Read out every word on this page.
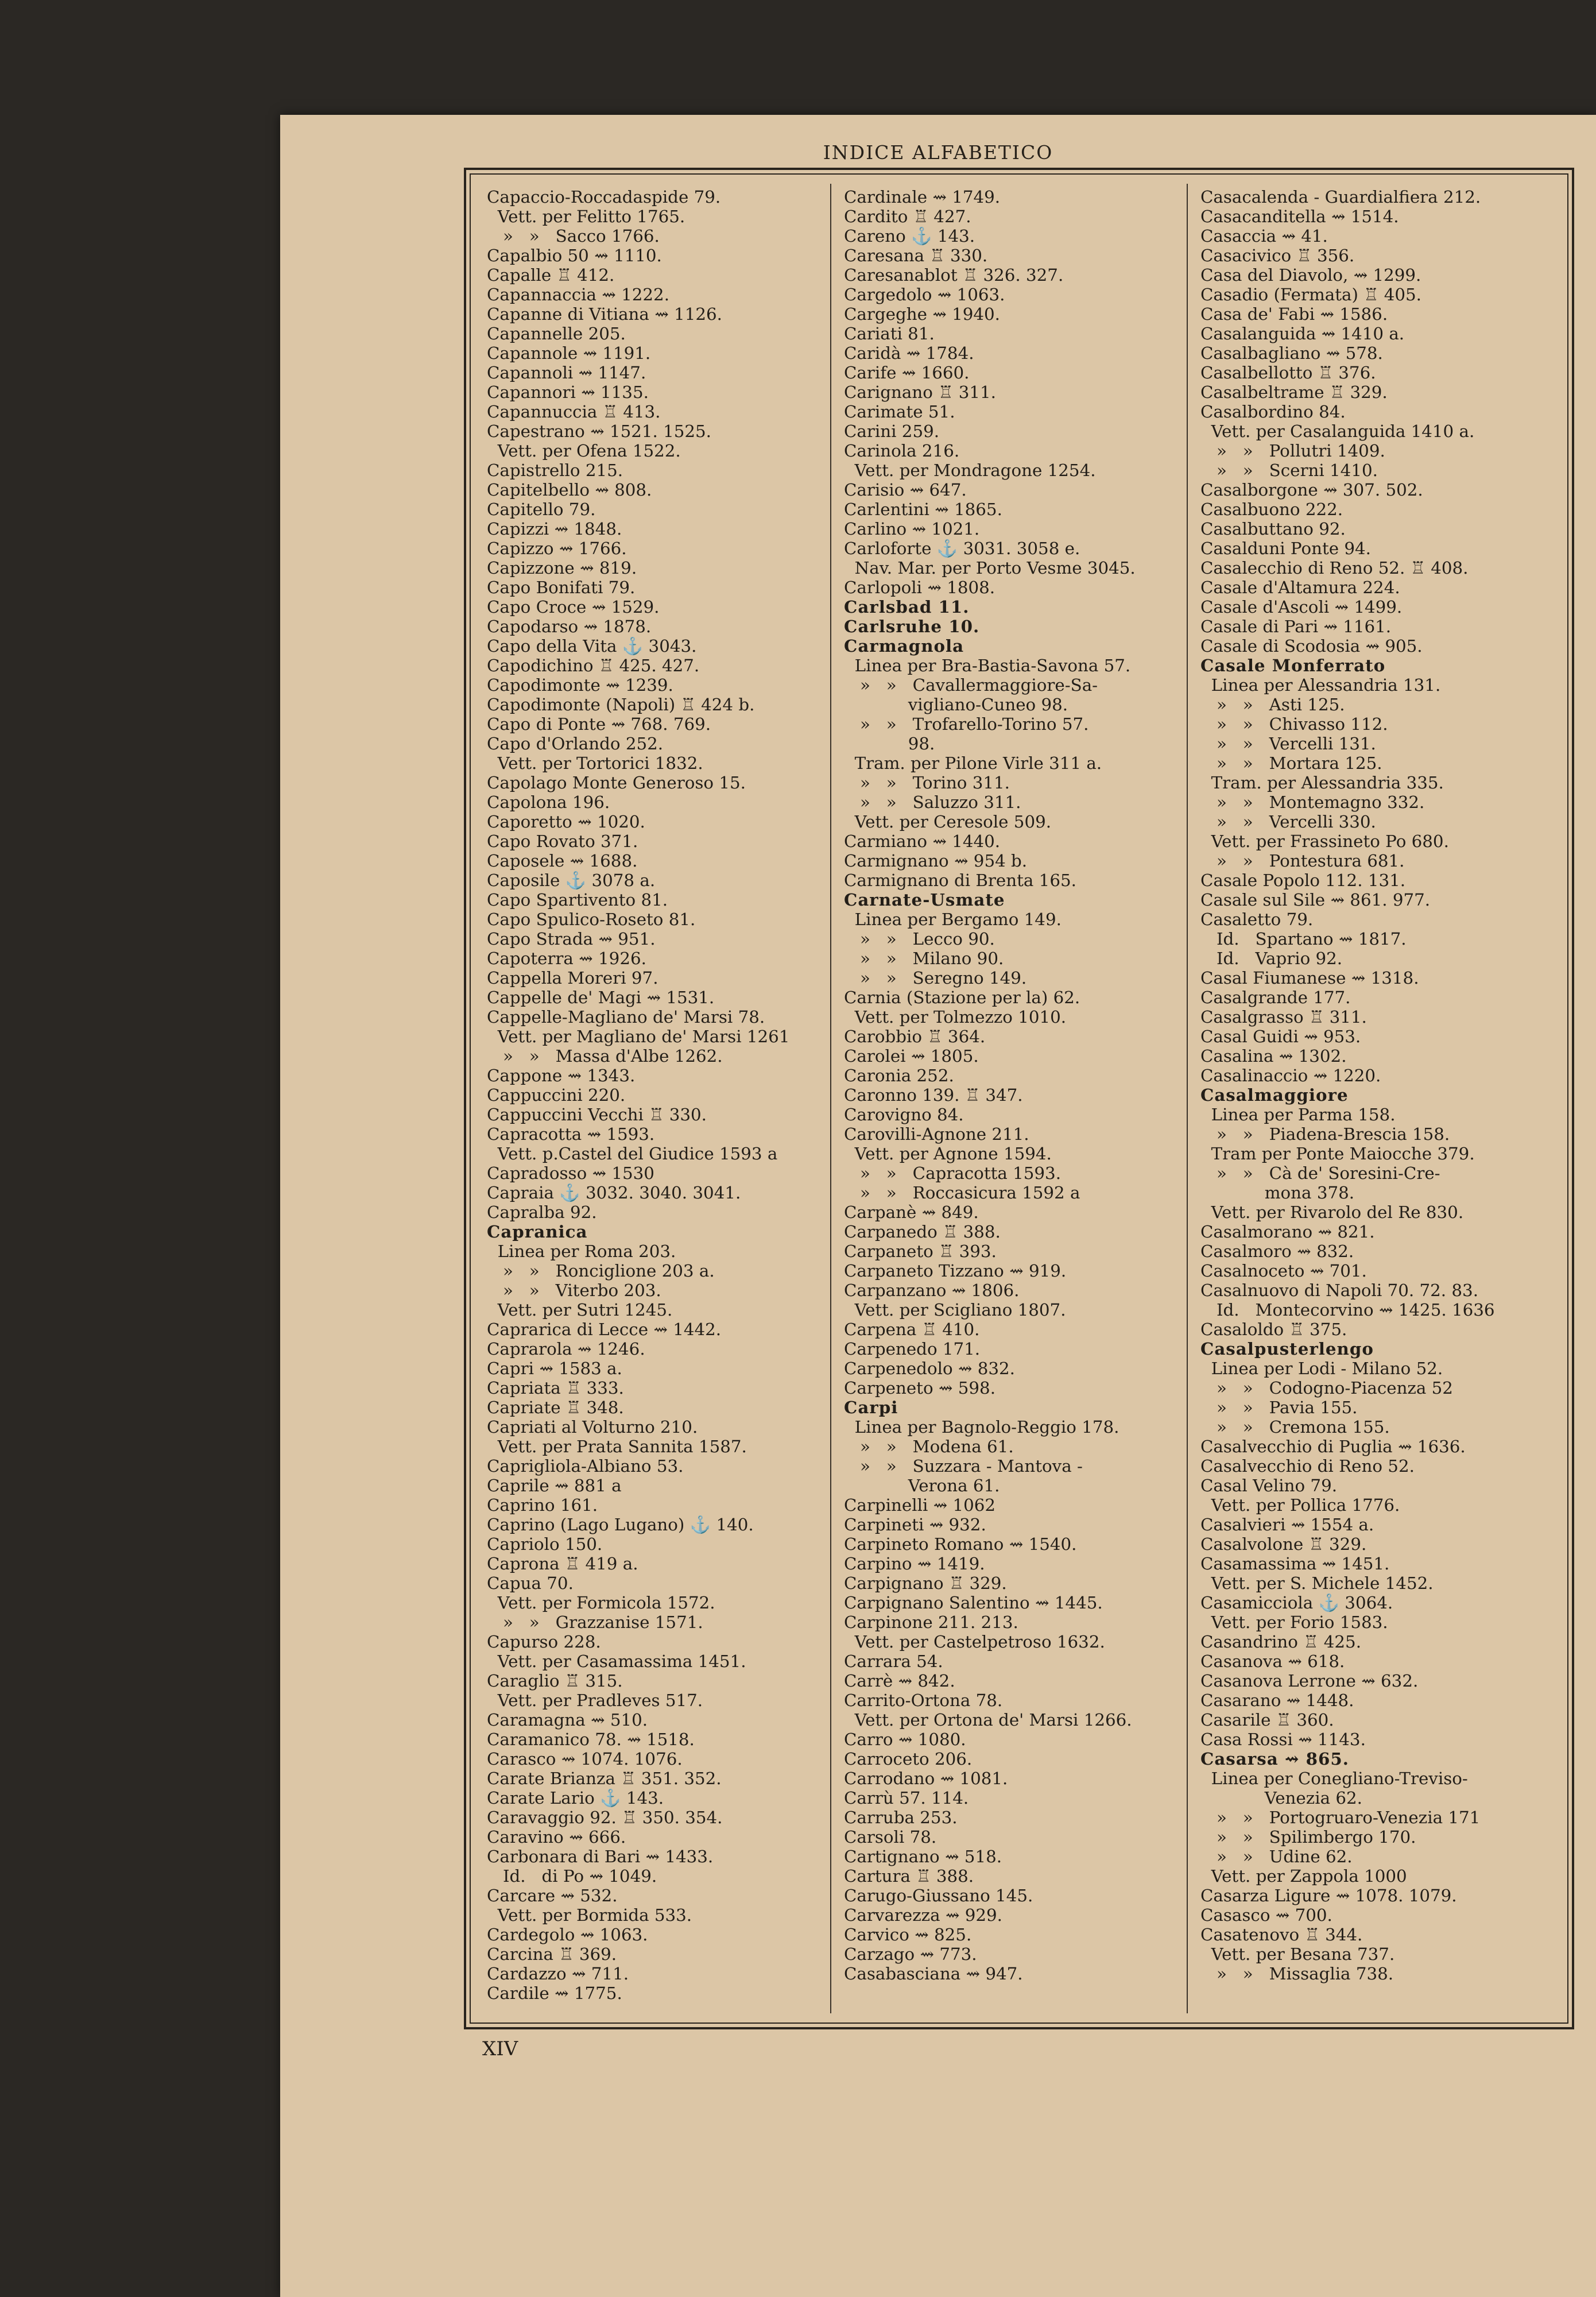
INDICE ALFABETICO
Capaccio-Roccadaspide 79.
Vett. per Felitto 1765.
»   »   Sacco 1766.
Capalbio 50 ⇝ 1110.
Capalle ♖ 412.
Capannaccia ⇝ 1222.
Capanne di Vitiana ⇝ 1126.
Capannelle 205.
Capannole ⇝ 1191.
Capannoli ⇝ 1147.
Capannori ⇝ 1135.
Capannuccia ♖ 413.
Capestrano ⇝ 1521. 1525.
Vett. per Ofena 1522.
Capistrello 215.
Capitelbello ⇝ 808.
Capitello 79.
Capizzi ⇝ 1848.
Capizzo ⇝ 1766.
Capizzone ⇝ 819.
Capo Bonifati 79.
Capo Croce ⇝ 1529.
Capodarso ⇝ 1878.
Capo della Vita ⚓ 3043.
Capodichino ♖ 425. 427.
Capodimonte ⇝ 1239.
Capodimonte (Napoli) ♖ 424 b.
Capo di Ponte ⇝ 768. 769.
Capo d'Orlando 252.
Vett. per Tortorici 1832.
Capolago Monte Generoso 15.
Capolona 196.
Caporetto ⇝ 1020.
Capo Rovato 371.
Caposele ⇝ 1688.
Caposile ⚓ 3078 a.
Capo Spartivento 81.
Capo Spulico-Roseto 81.
Capo Strada ⇝ 951.
Capoterra ⇝ 1926.
Cappella Moreri 97.
Cappelle de' Magi ⇝ 1531.
Cappelle-Magliano de' Marsi 78.
Vett. per Magliano de' Marsi 1261
»   »   Massa d'Albe 1262.
Cappone ⇝ 1343.
Cappuccini 220.
Cappuccini Vecchi ♖ 330.
Capracotta ⇝ 1593.
Vett. p.Castel del Giudice 1593 a
Capradosso ⇝ 1530
Capraia ⚓ 3032. 3040. 3041.
Capralba 92.
Capranica
Linea per Roma 203.
»   »   Ronciglione 203 a.
»   »   Viterbo 203.
Vett. per Sutri 1245.
Caprarica di Lecce ⇝ 1442.
Caprarola ⇝ 1246.
Capri ⇝ 1583 a.
Capriata ♖ 333.
Capriate ♖ 348.
Capriati al Volturno 210.
Vett. per Prata Sannita 1587.
Caprigliola-Albiano 53.
Caprile ⇝ 881 a
Caprino 161.
Caprino (Lago Lugano) ⚓ 140.
Capriolo 150.
Caprona ♖ 419 a.
Capua 70.
Vett. per Formicola 1572.
»   »   Grazzanise 1571.
Capurso 228.
Vett. per Casamassima 1451.
Caraglio ♖ 315.
Vett. per Pradleves 517.
Caramagna ⇝ 510.
Caramanico 78. ⇝ 1518.
Carasco ⇝ 1074. 1076.
Carate Brianza ♖ 351. 352.
Carate Lario ⚓ 143.
Caravaggio 92. ♖ 350. 354.
Caravino ⇝ 666.
Carbonara di Bari ⇝ 1433.
Id.   di Po ⇝ 1049.
Carcare ⇝ 532.
Vett. per Bormida 533.
Cardegolo ⇝ 1063.
Carcina ♖ 369.
Cardazzo ⇝ 711.
Cardile ⇝ 1775.
Cardinale ⇝ 1749.
Cardito ♖ 427.
Careno ⚓ 143.
Caresana ♖ 330.
Caresanablot ♖ 326. 327.
Cargedolo ⇝ 1063.
Cargeghe ⇝ 1940.
Cariati 81.
Caridà ⇝ 1784.
Carife ⇝ 1660.
Carignano ♖ 311.
Carimate 51.
Carini 259.
Carinola 216.
Vett. per Mondragone 1254.
Carisio ⇝ 647.
Carlentini ⇝ 1865.
Carlino ⇝ 1021.
Carloforte ⚓ 3031. 3058 e.
Nav. Mar. per Porto Vesme 3045.
Carlopoli ⇝ 1808.
Carlsbad 11.
Carlsruhe 10.
Carmagnola
Linea per Bra-Bastia-Savona 57.
»   »   Cavallermaggiore-Sa-
vigliano-Cuneo 98.
»   »   Trofarello-Torino 57.
98.
Tram. per Pilone Virle 311 a.
»   »   Torino 311.
»   »   Saluzzo 311.
Vett. per Ceresole 509.
Carmiano ⇝ 1440.
Carmignano ⇝ 954 b.
Carmignano di Brenta 165.
Carnate-Usmate
Linea per Bergamo 149.
»   »   Lecco 90.
»   »   Milano 90.
»   »   Seregno 149.
Carnia (Stazione per la) 62.
Vett. per Tolmezzo 1010.
Carobbio ♖ 364.
Carolei ⇝ 1805.
Caronia 252.
Caronno 139. ♖ 347.
Carovigno 84.
Carovilli-Agnone 211.
Vett. per Agnone 1594.
»   »   Capracotta 1593.
»   »   Roccasicura 1592 a
Carpanè ⇝ 849.
Carpanedo ♖ 388.
Carpaneto ♖ 393.
Carpaneto Tizzano ⇝ 919.
Carpanzano ⇝ 1806.
Vett. per Scigliano 1807.
Carpena ♖ 410.
Carpenedo 171.
Carpenedolo ⇝ 832.
Carpeneto ⇝ 598.
Carpi
Linea per Bagnolo-Reggio 178.
»   »   Modena 61.
»   »   Suzzara - Mantova -
Verona 61.
Carpinelli ⇝ 1062
Carpineti ⇝ 932.
Carpineto Romano ⇝ 1540.
Carpino ⇝ 1419.
Carpignano ♖ 329.
Carpignano Salentino ⇝ 1445.
Carpinone 211. 213.
Vett. per Castelpetroso 1632.
Carrara 54.
Carrè ⇝ 842.
Carrito-Ortona 78.
Vett. per Ortona de' Marsi 1266.
Carro ⇝ 1080.
Carroceto 206.
Carrodano ⇝ 1081.
Carrù 57. 114.
Carruba 253.
Carsoli 78.
Cartignano ⇝ 518.
Cartura ♖ 388.
Carugo-Giussano 145.
Carvarezza ⇝ 929.
Carvico ⇝ 825.
Carzago ⇝ 773.
Casabasciana ⇝ 947.
Casacalenda - Guardialfiera 212.
Casacanditella ⇝ 1514.
Casaccia ⇝ 41.
Casacivico ♖ 356.
Casa del Diavolo, ⇝ 1299.
Casadio (Fermata) ♖ 405.
Casa de' Fabi ⇝ 1586.
Casalanguida ⇝ 1410 a.
Casalbagliano ⇝ 578.
Casalbellotto ♖ 376.
Casalbeltrame ♖ 329.
Casalbordino 84.
Vett. per Casalanguida 1410 a.
»   »   Pollutri 1409.
»   »   Scerni 1410.
Casalborgone ⇝ 307. 502.
Casalbuono 222.
Casalbuttano 92.
Casalduni Ponte 94.
Casalecchio di Reno 52. ♖ 408.
Casale d'Altamura 224.
Casale d'Ascoli ⇝ 1499.
Casale di Pari ⇝ 1161.
Casale di Scodosia ⇝ 905.
Casale Monferrato
Linea per Alessandria 131.
»   »   Asti 125.
»   »   Chivasso 112.
»   »   Vercelli 131.
»   »   Mortara 125.
Tram. per Alessandria 335.
»   »   Montemagno 332.
»   »   Vercelli 330.
Vett. per Frassineto Po 680.
»   »   Pontestura 681.
Casale Popolo 112. 131.
Casale sul Sile ⇝ 861. 977.
Casaletto 79.
Id.   Spartano ⇝ 1817.
Id.   Vaprio 92.
Casal Fiumanese ⇝ 1318.
Casalgrande 177.
Casalgrasso ♖ 311.
Casal Guidi ⇝ 953.
Casalina ⇝ 1302.
Casalinaccio ⇝ 1220.
Casalmaggiore
Linea per Parma 158.
»   »   Piadena-Brescia 158.
Tram per Ponte Maiocche 379.
»   »   Cà de' Soresini-Cre-
mona 378.
Vett. per Rivarolo del Re 830.
Casalmorano ⇝ 821.
Casalmoro ⇝ 832.
Casalnoceto ⇝ 701.
Casalnuovo di Napoli 70. 72. 83.
Id.   Montecorvino ⇝ 1425. 1636
Casaloldo ♖ 375.
Casalpusterlengo
Linea per Lodi - Milano 52.
»   »   Codogno-Piacenza 52
»   »   Pavia 155.
»   »   Cremona 155.
Casalvecchio di Puglia ⇝ 1636.
Casalvecchio di Reno 52.
Casal Velino 79.
Vett. per Pollica 1776.
Casalvieri ⇝ 1554 a.
Casalvolone ♖ 329.
Casamassima ⇝ 1451.
Vett. per S. Michele 1452.
Casamicciola ⚓ 3064.
Vett. per Forio 1583.
Casandrino ♖ 425.
Casanova ⇝ 618.
Casanova Lerrone ⇝ 632.
Casarano ⇝ 1448.
Casarile ♖ 360.
Casa Rossi ⇝ 1143.
Casarsa ⇝ 865.
Linea per Conegliano-Treviso-
Venezia 62.
»   »   Portogruaro-Venezia 171
»   »   Spilimbergo 170.
»   »   Udine 62.
Vett. per Zappola 1000
Casarza Ligure ⇝ 1078. 1079.
Casasco ⇝ 700.
Casatenovo ♖ 344.
Vett. per Besana 737.
»   »   Missaglia 738.
XIV
